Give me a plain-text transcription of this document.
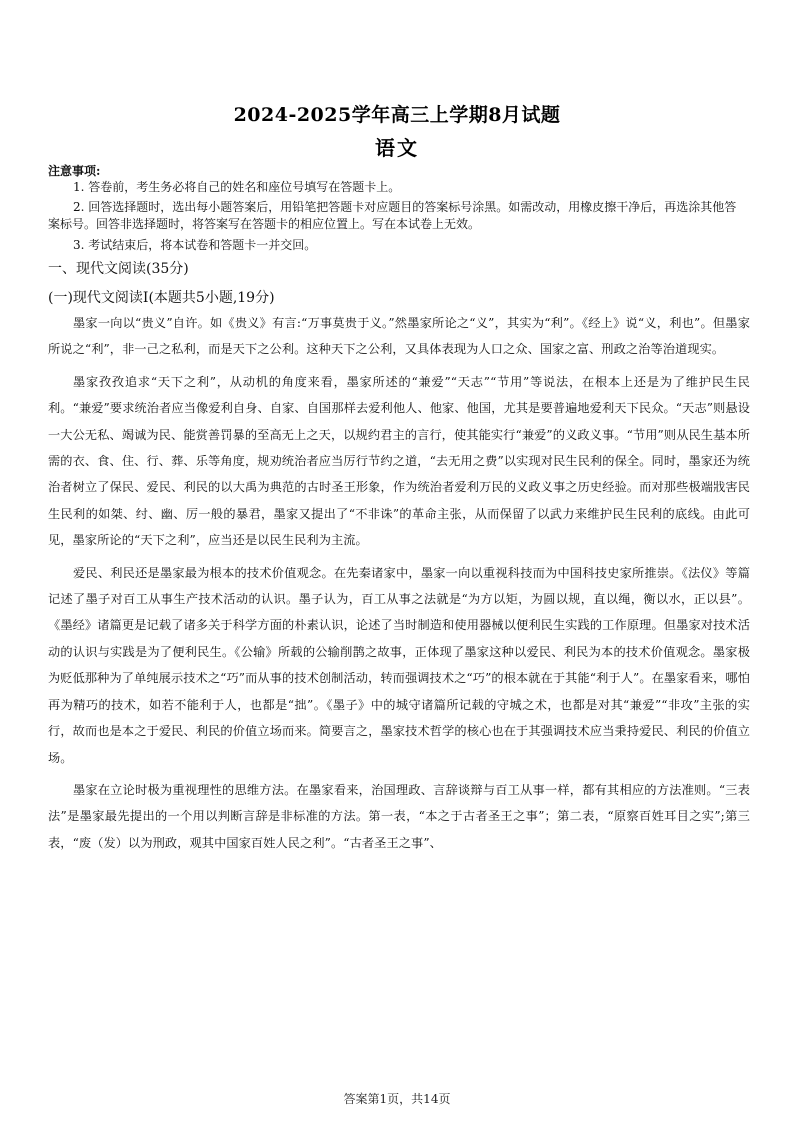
2024-2025学年高三上学期8月试题
语文
注意事项:
1. 答卷前，考生务必将自己的姓名和座位号填写在答题卡上。
2. 回答选择题时，选出每小题答案后，用铅笔把答题卡对应题目的答案标号涂黑。如需改动，用橡皮擦干净后，再选涂其他答案标号。回答非选择题时，将答案写在答题卡的相应位置上。写在本试卷上无效。
3. 考试结束后，将本试卷和答题卡一并交回。
一、现代文阅读(35分)
(一)现代文阅读Ⅰ(本题共5小题,19分)

墨家一向以“贵义”自许。如《贵义》有言:“万事莫贵于义。”然墨家所论之“义”，其实为“利”。《经上》说“义，利也”。但墨家所说之“利”，非一己之私利，而是天下之公利。这种天下之公利，又具体表现为人口之众、国家之富、刑政之治等治道现实。

墨家孜孜追求“天下之利”，从动机的角度来看，墨家所述的“兼爱”“天志”“节用”等说法，在根本上还是为了维护民生民利。“兼爱”要求统治者应当像爱利自身、自家、自国那样去爱利他人、他家、他国，尤其是要普遍地爱利天下民众。“天志”则悬设一大公无私、竭诚为民、能赏善罚暴的至高无上之天，以规约君主的言行，使其能实行“兼爱”的义政义事。“节用”则从民生基本所需的衣、食、住、行、葬、乐等角度，规劝统治者应当厉行节约之道，“去无用之费”以实现对民生民利的保全。同时，墨家还为统治者树立了保民、爱民、利民的以大禹为典范的古时圣王形象，作为统治者爱利万民的义政义事之历史经验。而对那些极端戕害民生民利的如桀、纣、幽、厉一般的暴君，墨家又提出了“不非诛”的革命主张，从而保留了以武力来维护民生民利的底线。由此可见，墨家所论的“天下之利”，应当还是以民生民利为主流。

爱民、利民还是墨家最为根本的技术价值观念。在先秦诸家中，墨家一向以重视科技而为中国科技史家所推崇。《法仪》等篇记述了墨子对百工从事生产技术活动的认识。墨子认为，百工从事之法就是“为方以矩，为圆以规，直以绳，衡以水，正以县”。《墨经》诸篇更是记载了诸多关于科学方面的朴素认识，论述了当时制造和使用器械以便利民生实践的工作原理。但墨家对技术活动的认识与实践是为了便利民生。《公输》所载的公输削鹊之故事，正体现了墨家这种以爱民、利民为本的技术价值观念。墨家极为贬低那种为了单纯展示技术之“巧”而从事的技术创制活动，转而强调技术之“巧”的根本就在于其能“利于人”。在墨家看来，哪怕再为精巧的技术，如若不能利于人，也都是“拙”。《墨子》中的城守诸篇所记载的守城之术，也都是对其“兼爱”“非攻”主张的实行，故而也是本之于爱民、利民的价值立场而来。简要言之，墨家技术哲学的核心也在于其强调技术应当秉持爱民、利民的价值立场。

墨家在立论时极为重视理性的思维方法。在墨家看来，治国理政、言辞谈辩与百工从事一样，都有其相应的方法准则。“三表法”是墨家最先提出的一个用以判断言辞是非标准的方法。第一表，“本之于古者圣王之事”；第二表，“原察百姓耳目之实”;第三表，“废（发）以为刑政，观其中国家百姓人民之利”。“古者圣王之事”、

答案第1页，共14页
